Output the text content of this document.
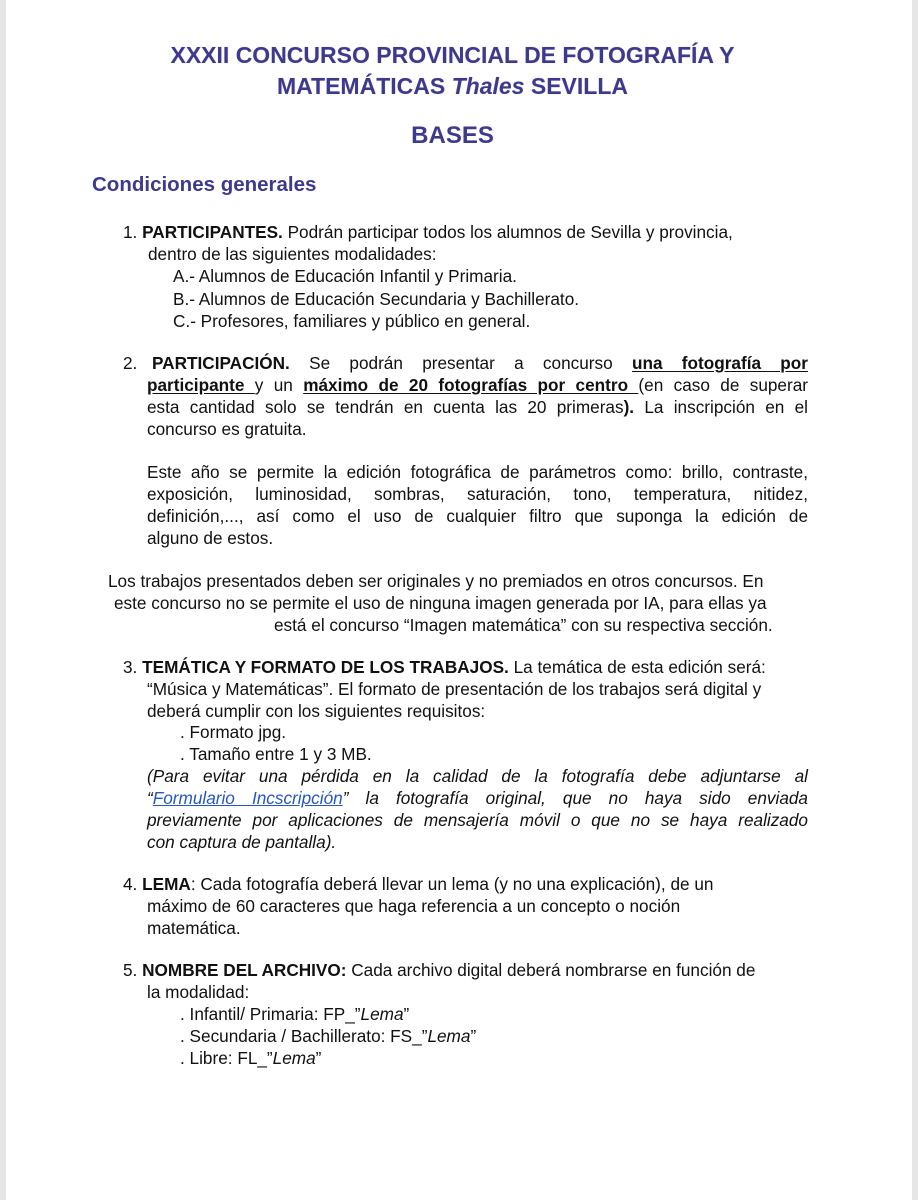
XXXII CONCURSO PROVINCIAL DE FOTOGRAFÍA Y

MATEMÁTICAS Thales SEVILLA

BASES

Condiciones generales

1. PARTICIPANTES. Podrán participar todos los alumnos de Sevilla y provincia,

dentro de las siguientes modalidades:

A.- Alumnos de Educación Infantil y Primaria.

B.- Alumnos de Educación Secundaria y Bachillerato.

C.- Profesores, familiares y público en general.

2. PARTICIPACIÓN. Se podrán presentar a concurso una fotografía por

participante y un máximo de 20 fotografías por centro (en caso de superar

esta cantidad solo se tendrán en cuenta las 20 primeras). La inscripción en el

concurso es gratuita.

Este año se permite la edición fotográfica de parámetros como: brillo, contraste,

exposición, luminosidad, sombras, saturación, tono, temperatura, nitidez,

definición,..., así como el uso de cualquier filtro que suponga la edición de

alguno de estos.

Los trabajos presentados deben ser originales y no premiados en otros concursos. En

este concurso no se permite el uso de ninguna imagen generada por IA, para ellas ya

está el concurso “Imagen matemática” con su respectiva sección.

3. TEMÁTICA Y FORMATO DE LOS TRABAJOS. La temática de esta edición será:

“Música y Matemáticas”. El formato de presentación de los trabajos será digital y

deberá cumplir con los siguientes requisitos:

. Formato jpg.

. Tamaño entre 1 y 3 MB.

(Para evitar una pérdida en la calidad de la fotografía debe adjuntarse al

“Formulario Incscripción” la fotografía original, que no haya sido enviada

previamente por aplicaciones de mensajería móvil o que no se haya realizado

con captura de pantalla).

4. LEMA: Cada fotografía deberá llevar un lema (y no una explicación), de un

máximo de 60 caracteres que haga referencia a un concepto o noción

matemática.

5. NOMBRE DEL ARCHIVO: Cada archivo digital deberá nombrarse en función de

la modalidad:

. Infantil/ Primaria: FP_”Lema”

. Secundaria / Bachillerato: FS_”Lema”

. Libre: FL_”Lema”
